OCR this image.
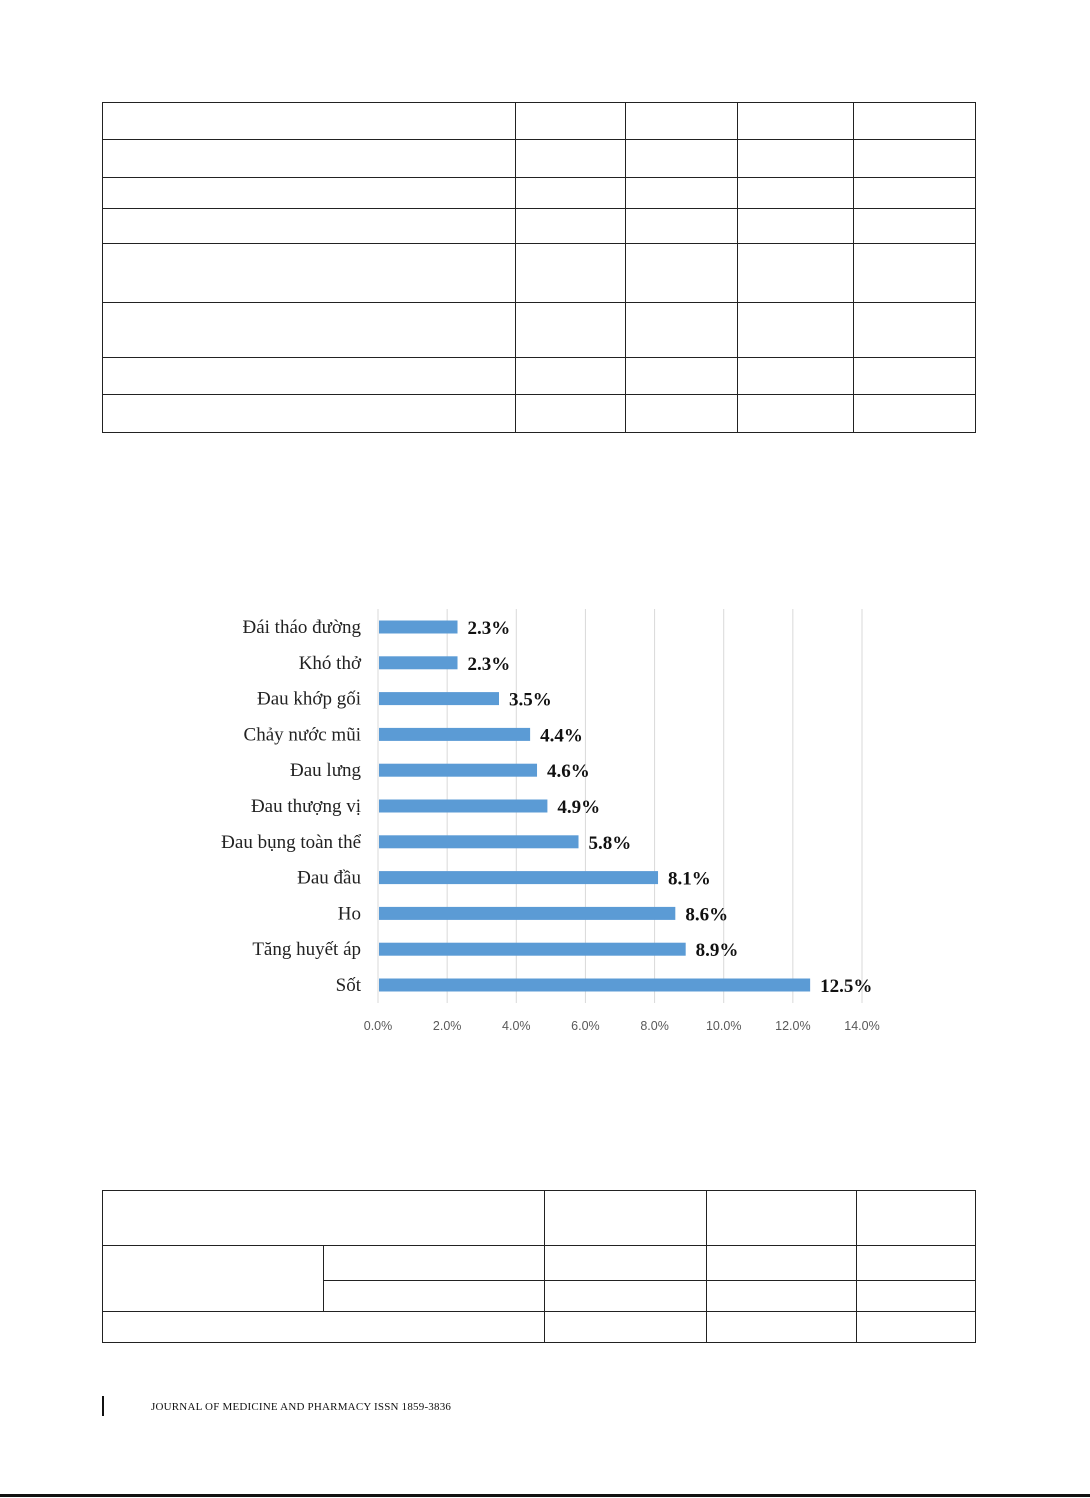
Đái tháo đường
Khó thở
Đau khớp gối
Chảy nước mũi
Đau lưng
Đau thượng vị
Đau bụng toàn thể
Đau đầu
Ho
Tăng huyết áp
Sốt
2.3%
2.3%
3.5%
4.4%
4.6%
4.9%
5.8%
8.1%
8.6%
8.9%
12.5%
0.0%	2.0%	4.0%	6.0%	8.0%	10.0%	12.0%	14.0%

JOURNAL OF MEDICINE AND PHARMACY ISSN 1859-3836
